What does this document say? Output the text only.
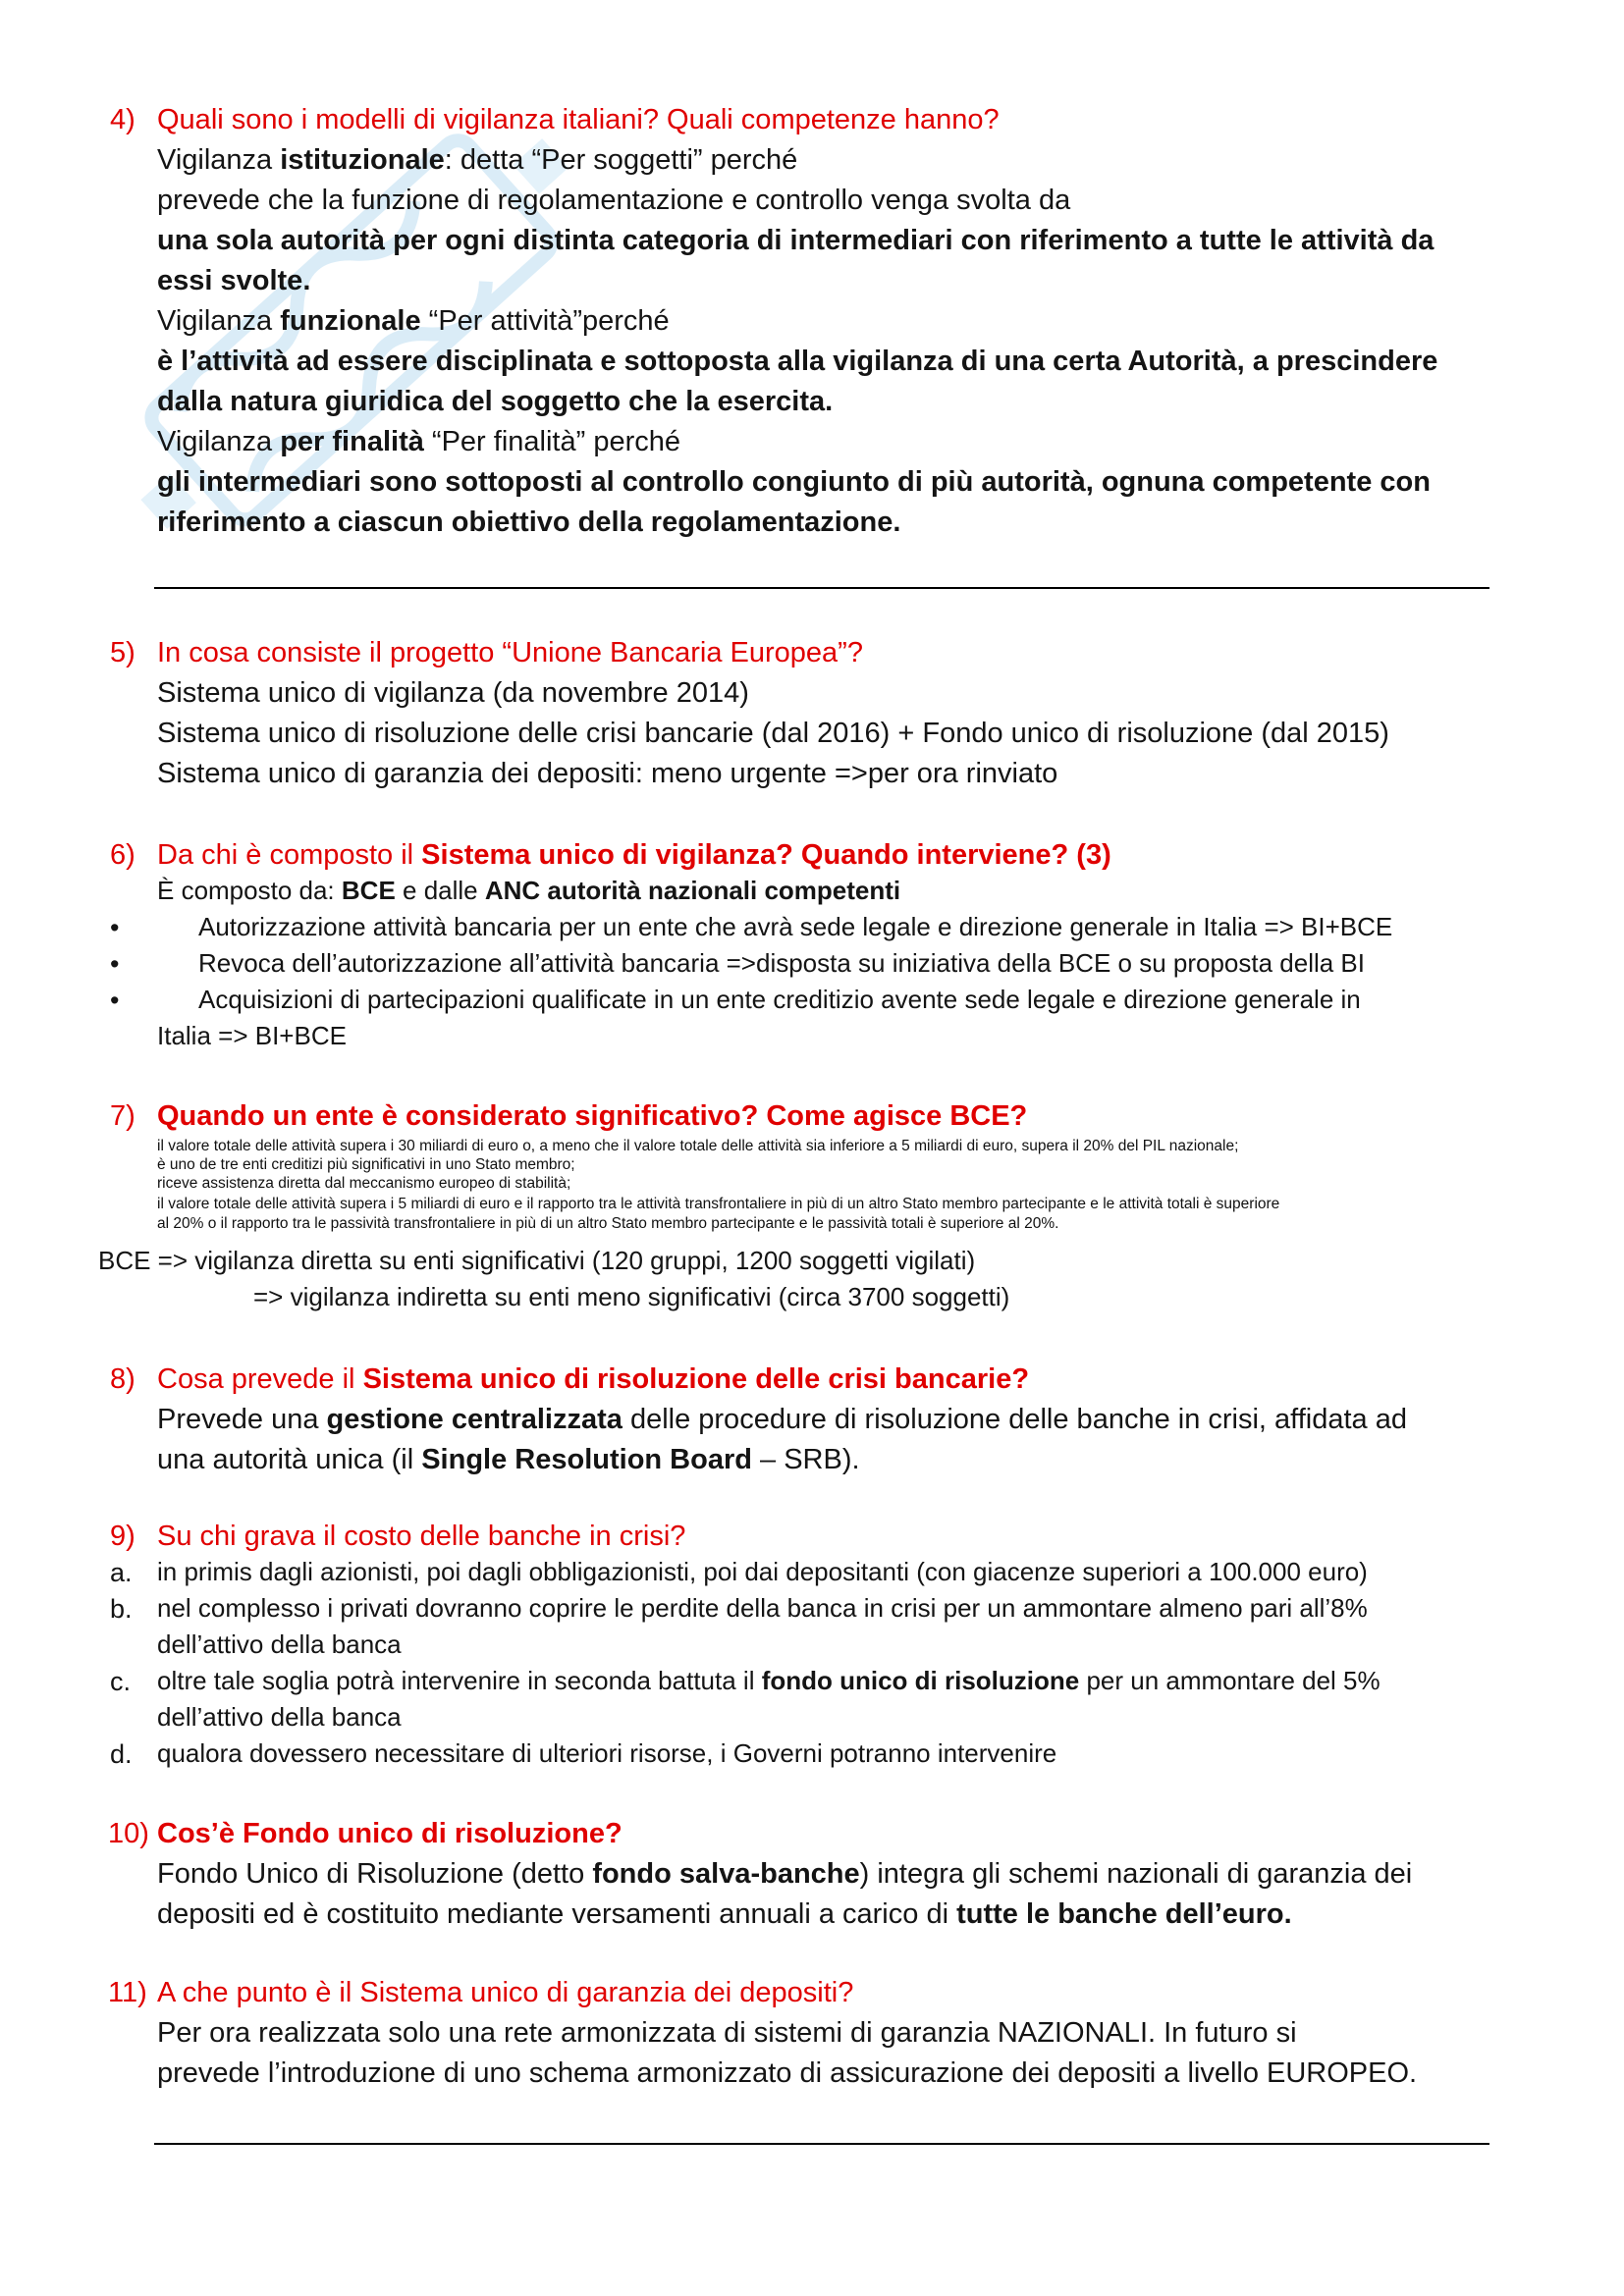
4) Quali sono i modelli di vigilanza italiani? Quali competenze hanno?
Vigilanza istituzionale: detta “Per soggetti” perché
prevede che la funzione di regolamentazione e controllo venga svolta da
una sola autorità per ogni distinta categoria di intermediari con riferimento a tutte le attività da
essi svolte.
Vigilanza funzionale “Per attività”perché
è l’attività ad essere disciplinata e sottoposta alla vigilanza di una certa Autorità, a prescindere
dalla natura giuridica del soggetto che la esercita.
Vigilanza per finalità “Per finalità” perché
gli intermediari sono sottoposti al controllo congiunto di più autorità, ognuna competente con
riferimento a ciascun obiettivo della regolamentazione.
5) In cosa consiste il progetto “Unione Bancaria Europea”?
Sistema unico di vigilanza (da novembre 2014)
Sistema unico di risoluzione delle crisi bancarie (dal 2016) + Fondo unico di risoluzione (dal 2015)
Sistema unico di garanzia dei depositi: meno urgente =>per ora rinviato
6) Da chi è composto il Sistema unico di vigilanza? Quando interviene? (3)
È composto da: BCE e dalle ANC autorità nazionali competenti
•	Autorizzazione attività bancaria per un ente che avrà sede legale e direzione generale in Italia => BI+BCE
•	Revoca dell’autorizzazione all’attività bancaria =>disposta su iniziativa della BCE o su proposta della BI
•	Acquisizioni di partecipazioni qualificate in un ente creditizio avente sede legale e direzione generale in
Italia => BI+BCE
7) Quando un ente è considerato significativo? Come agisce BCE?
il valore totale delle attività supera i 30 miliardi di euro o, a meno che il valore totale delle attività sia inferiore a 5 miliardi di euro, supera il 20% del PIL nazionale;
è uno de tre enti creditizi più significativi in uno Stato membro;
riceve assistenza diretta dal meccanismo europeo di stabilità;
il valore totale delle attività supera i 5 miliardi di euro e il rapporto tra le attività transfrontaliere in più di un altro Stato membro partecipante e le attività totali è superiore
al 20% o il rapporto tra le passività transfrontaliere in più di un altro Stato membro partecipante e le passività totali è superiore al 20%.
BCE => vigilanza diretta su enti significativi (120 gruppi, 1200 soggetti vigilati)
=> vigilanza indiretta su enti meno significativi (circa 3700 soggetti)
8) Cosa prevede il Sistema unico di risoluzione delle crisi bancarie?
Prevede una gestione centralizzata delle procedure di risoluzione delle banche in crisi, affidata ad
una autorità unica (il Single Resolution Board – SRB).
9) Su chi grava il costo delle banche in crisi?
a. in primis dagli azionisti, poi dagli obbligazionisti, poi dai depositanti (con giacenze superiori a 100.000 euro)
b. nel complesso i privati dovranno coprire le perdite della banca in crisi per un ammontare almeno pari all’8%
dell’attivo della banca
c. oltre tale soglia potrà intervenire in seconda battuta il fondo unico di risoluzione per un ammontare del 5%
dell’attivo della banca
d. qualora dovessero necessitare di ulteriori risorse, i Governi potranno intervenire
10) Cos’è Fondo unico di risoluzione?
Fondo Unico di Risoluzione (detto fondo salva-banche) integra gli schemi nazionali di garanzia dei
depositi ed è costituito mediante versamenti annuali a carico di tutte le banche dell’euro.
11) A che punto è il Sistema unico di garanzia dei depositi?
Per ora realizzata solo una rete armonizzata di sistemi di garanzia NAZIONALI. In futuro si
prevede l’introduzione di uno schema armonizzato di assicurazione dei depositi a livello EUROPEO.
